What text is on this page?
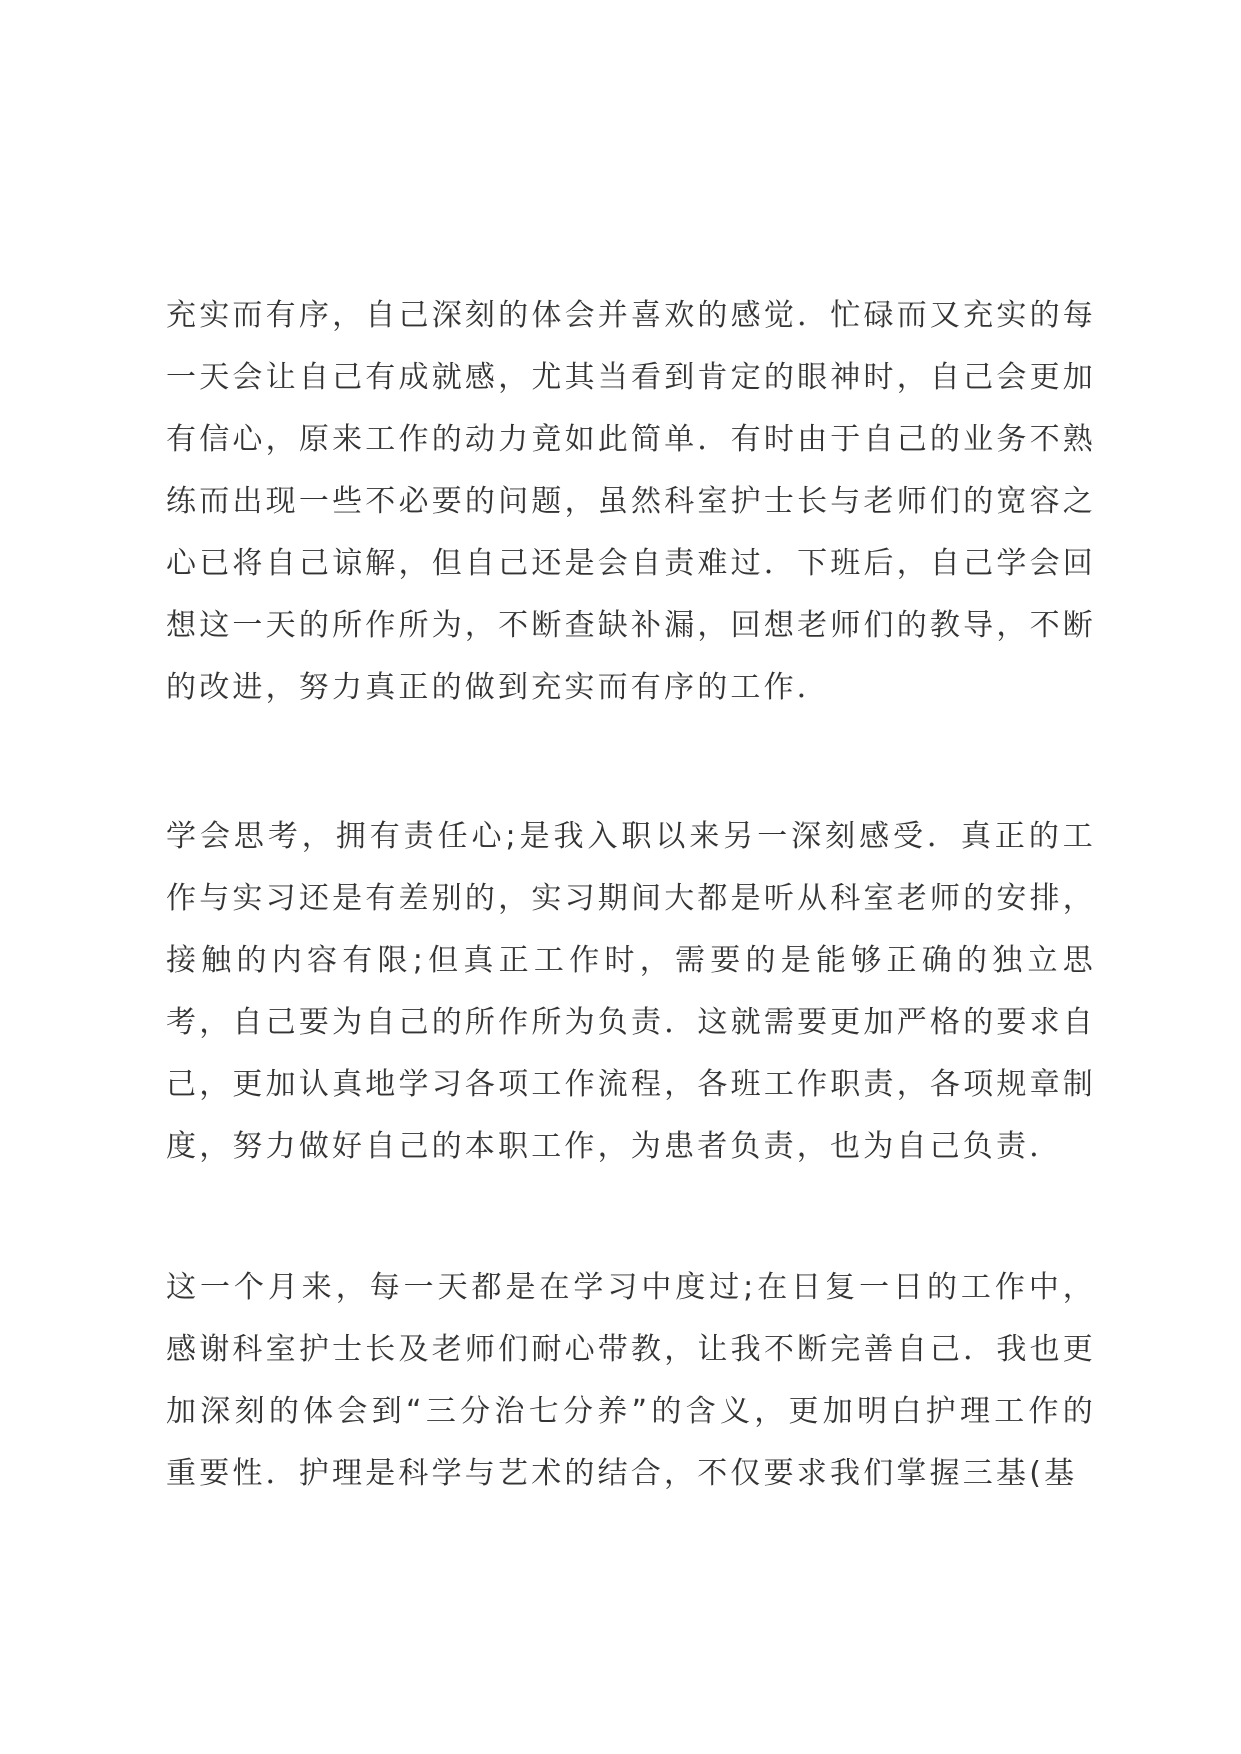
充实而有序，自己深刻的体会并喜欢的感觉．忙碌而又充实的每一天会让自己有成就感，尤其当看到肯定的眼神时，自己会更加有信心，原来工作的动力竟如此简单．有时由于自己的业务不熟练而出现一些不必要的问题，虽然科室护士长与老师们的宽容之心已将自己谅解，但自己还是会自责难过．下班后，自己学会回想这一天的所作所为，不断查缺补漏，回想老师们的教导，不断的改进，努力真正的做到充实而有序的工作．

学会思考，拥有责任心;是我入职以来另一深刻感受．真正的工作与实习还是有差别的，实习期间大都是听从科室老师的安排，接触的内容有限;但真正工作时，需要的是能够正确的独立思考，自己要为自己的所作所为负责．这就需要更加严格的要求自己，更加认真地学习各项工作流程，各班工作职责，各项规章制度，努力做好自己的本职工作，为患者负责，也为自己负责．

这一个月来，每一天都是在学习中度过;在日复一日的工作中，感谢科室护士长及老师们耐心带教，让我不断完善自己．我也更加深刻的体会到“三分治七分养”的含义，更加明白护理工作的重要性．护理是科学与艺术的结合，不仅要求我们掌握三基(基
